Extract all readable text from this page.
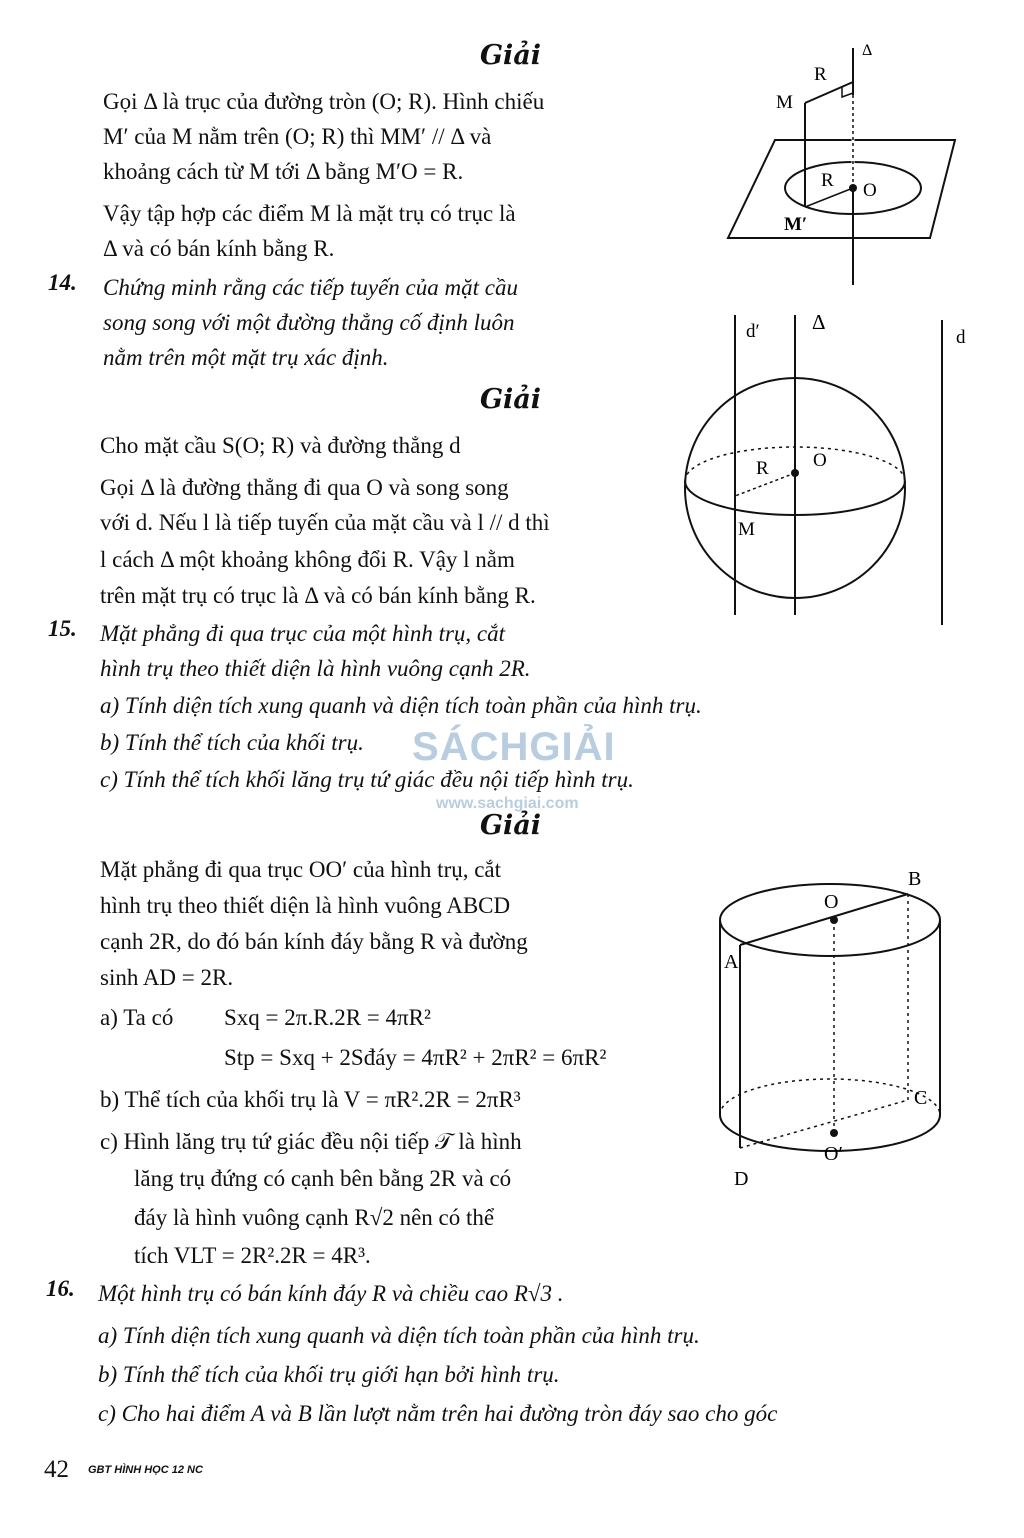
Giải
Gọi Δ là trục của đường tròn (O; R). Hình chiếu
M′ của M nằm trên (O; R) thì MM′ // Δ và
khoảng cách từ M tới Δ bằng M′O = R.
Vậy tập hợp các điểm M là mặt trụ có trục là
Δ và có bán kính bằng R.
Δ
R
M
R O
M′
14. Chứng minh rằng các tiếp tuyến của mặt cầu
song song với một đường thẳng cố định luôn
nằm trên một mặt trụ xác định.
Giải
Cho mặt cầu S(O; R) và đường thẳng d
Gọi Δ là đường thẳng đi qua O và song song
với d. Nếu l là tiếp tuyến của mặt cầu và l // d thì
l cách Δ một khoảng không đổi R. Vậy l nằm
trên mặt trụ có trục là Δ và có bán kính bằng R.
d′ Δ
d
R O
M
15. Mặt phẳng đi qua trục của một hình trụ, cắt
hình trụ theo thiết diện là hình vuông cạnh 2R.
a) Tính diện tích xung quanh và diện tích toàn phần của hình trụ.
b) Tính thể tích của khối trụ.
c) Tính thể tích khối lăng trụ tứ giác đều nội tiếp hình trụ.
SÁCHGIẢI
www.sachgiai.com
Giải
Mặt phẳng đi qua trục OO′ của hình trụ, cắt
hình trụ theo thiết diện là hình vuông ABCD
cạnh 2R, do đó bán kính đáy bằng R và đường
sinh AD = 2R.
a) Ta có Sxq = 2π.R.2R = 4πR²
Stp = Sxq + 2Sđáy = 4πR² + 2πR² = 6πR²
b) Thể tích của khối trụ là V = πR².2R = 2πR³
c) Hình lăng trụ tứ giác đều nội tiếp 𝒯 là hình
lăng trụ đứng có cạnh bên bằng 2R và có
đáy là hình vuông cạnh R√2 nên có thể
tích VLT = 2R².2R = 4R³.
B
O
A
C
O′
D
16. Một hình trụ có bán kính đáy R và chiều cao R√3 .
a) Tính diện tích xung quanh và diện tích toàn phần của hình trụ.
b) Tính thể tích của khối trụ giới hạn bởi hình trụ.
c) Cho hai điểm A và B lần lượt nằm trên hai đường tròn đáy sao cho góc
42 GBT HÌNH HỌC 12 NC
